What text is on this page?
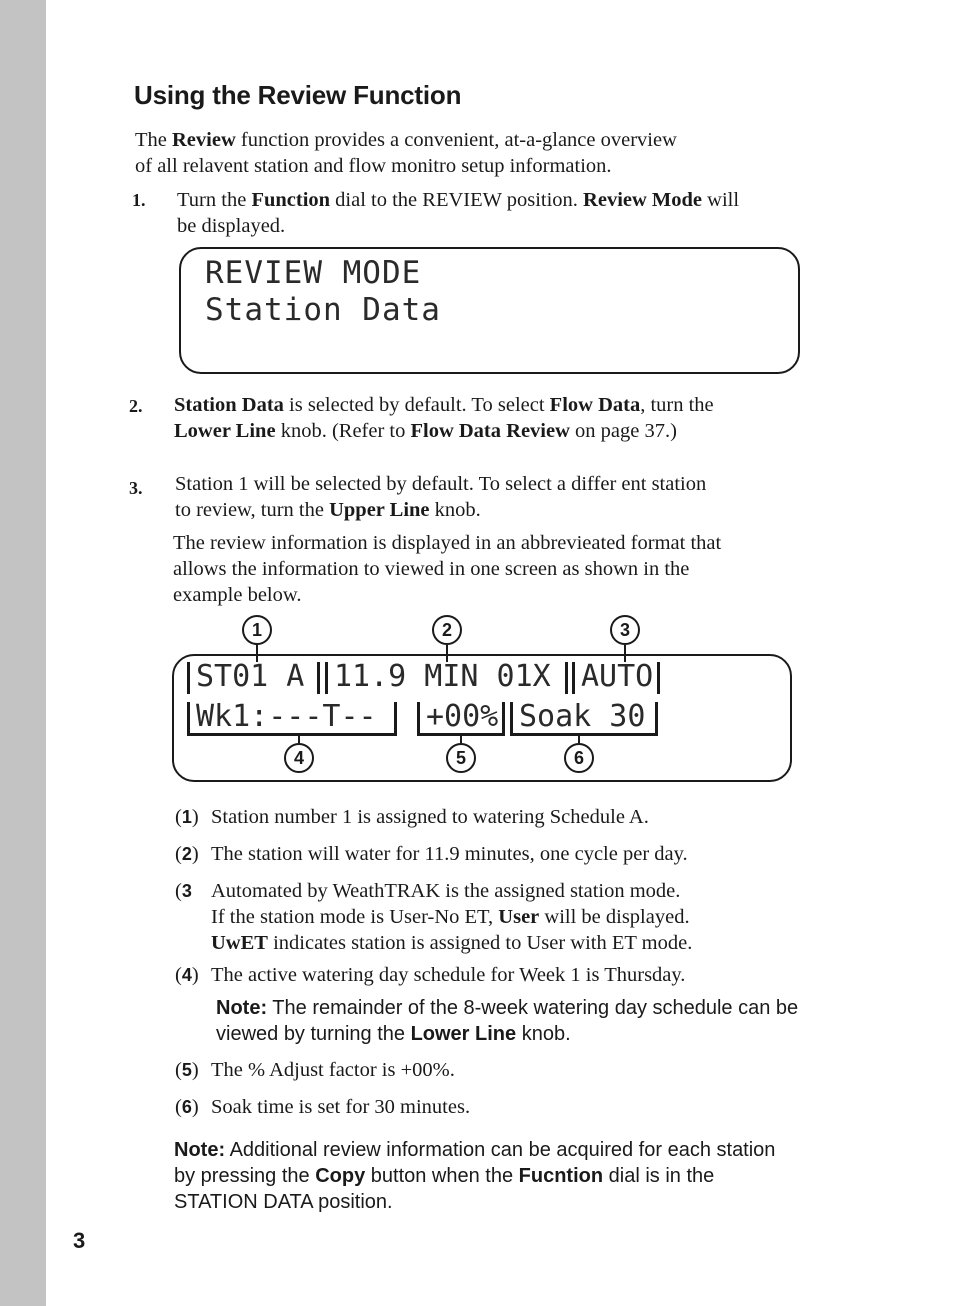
Using the Review Function
The Review function provides a convenient, at-a-glance overview
of all relavent station and flow monitro setup information.
1. Turn the Function dial to the REVIEW position. Review Mode will
be displayed.
REVIEW MODE
Station Data
2. Station Data is selected by default. To select Flow Data, turn the
Lower Line knob. (Refer to Flow Data Review on page 37.)
3. Station 1 will be selected by default. To select a differ ent station
to review, turn the Upper Line knob.
The review information is displayed in an abbrevieated format that
allows the information to viewed in one screen as shown in the
example below.
1	2	3
ST01 A 11.9 MIN 01X AUTO
Wk1:---T-- +00% Soak 30
4	5	6
(1) Station number 1 is assigned to watering Schedule A.
(2) The station will water for 11.9 minutes, one cycle per day.
(3 Automated by WeathTRAK is the assigned station mode.
If the station mode is User-No ET, User will be displayed.
UwET indicates station is assigned to User with ET mode.
(4) The active watering day schedule for Week 1 is Thursday.
Note: The remainder of the 8-week watering day schedule can be
viewed by turning the Lower Line knob.
(5) The % Adjust factor is +00%.
(6) Soak time is set for 30 minutes.
Note: Additional review information can be acquired for each station
by pressing the Copy button when the Fucntion dial is in the
STATION DATA position.
3
